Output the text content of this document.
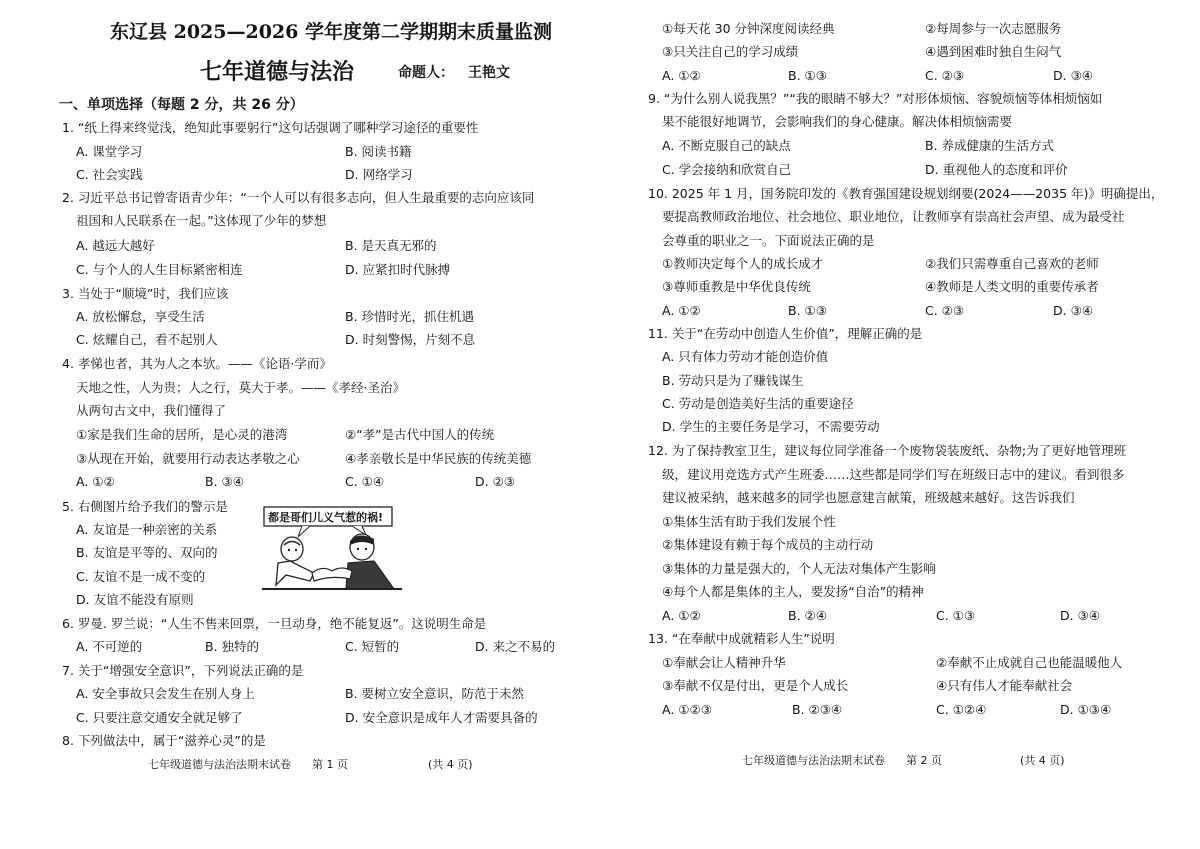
东辽县 2025—2026 学年度第二学期期末质量监测
七年道德与法治	命题人： 王艳文
一、单项选择（每题 2 分，共 26 分）
1. “纸上得来终觉浅，绝知此事要躬行”这句话强调了哪种学习途径的重要性
A. 课堂学习	B. 阅读书籍
C. 社会实践	D. 网络学习
2. 习近平总书记曾寄语青少年：“一个人可以有很多志向，但人生最重要的志向应该同
祖国和人民联系在一起。”这体现了少年的梦想
A. 越远大越好	B. 是天真无邪的
C. 与个人的人生目标紧密相连	D. 应紧扣时代脉搏
3. 当处于“顺境”时，我们应该
A. 放松懈怠，享受生活	B. 珍惜时光，抓住机遇
C. 炫耀自己，看不起别人	D. 时刻警惕，片刻不息
4. 孝悌也者，其为人之本欤。——《论语·学而》
天地之性，人为贵；人之行，莫大于孝。——《孝经·圣治》
从两句古文中，我们懂得了
①家是我们生命的居所，是心灵的港湾	②“孝”是古代中国人的传统
③从现在开始，就要用行动表达孝敬之心	④孝亲敬长是中华民族的传统美德
A. ①②	B. ③④	C. ①④	D. ②③
5. 右侧图片给予我们的警示是
A. 友谊是一种亲密的关系
B. 友谊是平等的、双向的
C. 友谊不是一成不变的
D. 友谊不能没有原则
都是哥们儿义气惹的祸!
6. 罗曼. 罗兰说：“人生不售来回票，一旦动身，绝不能复返”。这说明生命是
A. 不可逆的	B. 独特的	C. 短暂的	D. 来之不易的
7. 关于“增强安全意识”，下列说法正确的是
A. 安全事故只会发生在别人身上	B. 要树立安全意识，防范于未然
C. 只要注意交通安全就足够了	D. 安全意识是成年人才需要具备的
8. 下列做法中，属于“滋养心灵”的是
七年级道德与法治法期末试卷 第 1 页	(共 4 页)
①每天花 30 分钟深度阅读经典	②每周参与一次志愿服务
③只关注自己的学习成绩	④遇到困难时独自生闷气
A. ①②	B. ①③	C. ②③	D. ③④
9. “为什么别人说我黑？”“我的眼睛不够大？”对形体烦恼、容貌烦恼等体相烦恼如
果不能很好地调节，会影响我们的身心健康。解决体相烦恼需要
A. 不断克服自己的缺点	B. 养成健康的生活方式
C. 学会接纳和欣赏自己	D. 重视他人的态度和评价
10. 2025 年 1 月，国务院印发的《教育强国建设规划纲要(2024——2035 年)》明确提出，
要提高教师政治地位、社会地位、职业地位，让教师享有崇高社会声望、成为最受社
会尊重的职业之一。下面说法正确的是
①教师决定每个人的成长成才	②我们只需尊重自己喜欢的老师
③尊师重教是中华优良传统	④教师是人类文明的重要传承者
A. ①②	B. ①③	C. ②③	D. ③④
11. 关于“在劳动中创造人生价值”，理解正确的是
A. 只有体力劳动才能创造价值
B. 劳动只是为了赚钱谋生
C. 劳动是创造美好生活的重要途径
D. 学生的主要任务是学习，不需要劳动
12. 为了保持教室卫生，建议每位同学准备一个废物袋装废纸、杂物;为了更好地管理班
级，建议用竞选方式产生班委……这些都是同学们写在班级日志中的建议。看到很多
建议被采纳，越来越多的同学也愿意建言献策，班级越来越好。这告诉我们
①集体生活有助于我们发展个性
②集体建设有赖于每个成员的主动行动
③集体的力量是强大的，个人无法对集体产生影响
④每个人都是集体的主人，要发扬“自治”的精神
A. ①②	B. ②④	C. ①③	D. ③④
13. “在奉献中成就精彩人生”说明
①奉献会让人精神升华	②奉献不止成就自己也能温暖他人
③奉献不仅是付出，更是个人成长	④只有伟人才能奉献社会
A. ①②③	B. ②③④	C. ①②④	D. ①③④
七年级道德与法治法期末试卷 第 2 页	(共 4 页)
